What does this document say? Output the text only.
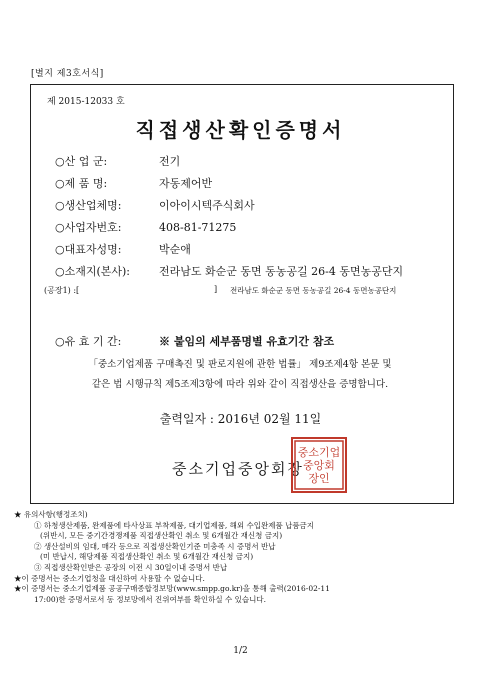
[별지 제3호서식]
제 2015-12033 호
직접생산확인증명서
○산 업 군:	전기
○제 품 명:	자동제어반
○생산업체명:	이아이시텍주식회사
○사업자번호:	408-81-71275
○대표자성명:	박순애
○소재지(본사):	전라남도 화순군 동면 동농공길 26-4 동면농공단지
(공장1) :[	] 전라남도 화순군 동면 동농공길 26-4 동면농공단지
○유 효 기 간:	※ 붙임의 세부품명별 유효기간 참조
「중소기업제품 구매촉진 및 판로지원에 관한 법률」 제9조제4항 본문 및
같은 법 시행규칙 제5조제3항에 따라 위와 같이 직접생산을 증명합니다.
출력일자 : 2016년 02월 11일
중소기업중앙회장
중소기업
중앙회
장인
★ 유의사항(행정조치)
① 하청생산제품, 완제품에 타사상표 부착제품, 대기업제품, 해외 수입완제품 납품금지
(위반시, 모든 중기간경쟁제품 직접생산확인 취소 및 6개월간 재신청 금지)
② 생산설비의 임대, 매각 등으로 직접생산확인기준 미충족 시 증명서 반납
(미 반납시, 해당제품 직접생산확인 취소 및 6개월간 재신청 금지)
③ 직접생산확인받은 공장의 이전 시 30일이내 증명서 반납
★이 증명서는 중소기업청을 대신하여 사용할 수 없습니다.
★이 증명서는 중소기업제품 공공구매종합정보망(www.smpp.go.kr)을 통해 출력(2016-02-11
17:00)한 증명서로서 동 정보망에서 진위여부를 확인하실 수 있습니다.
1/2
